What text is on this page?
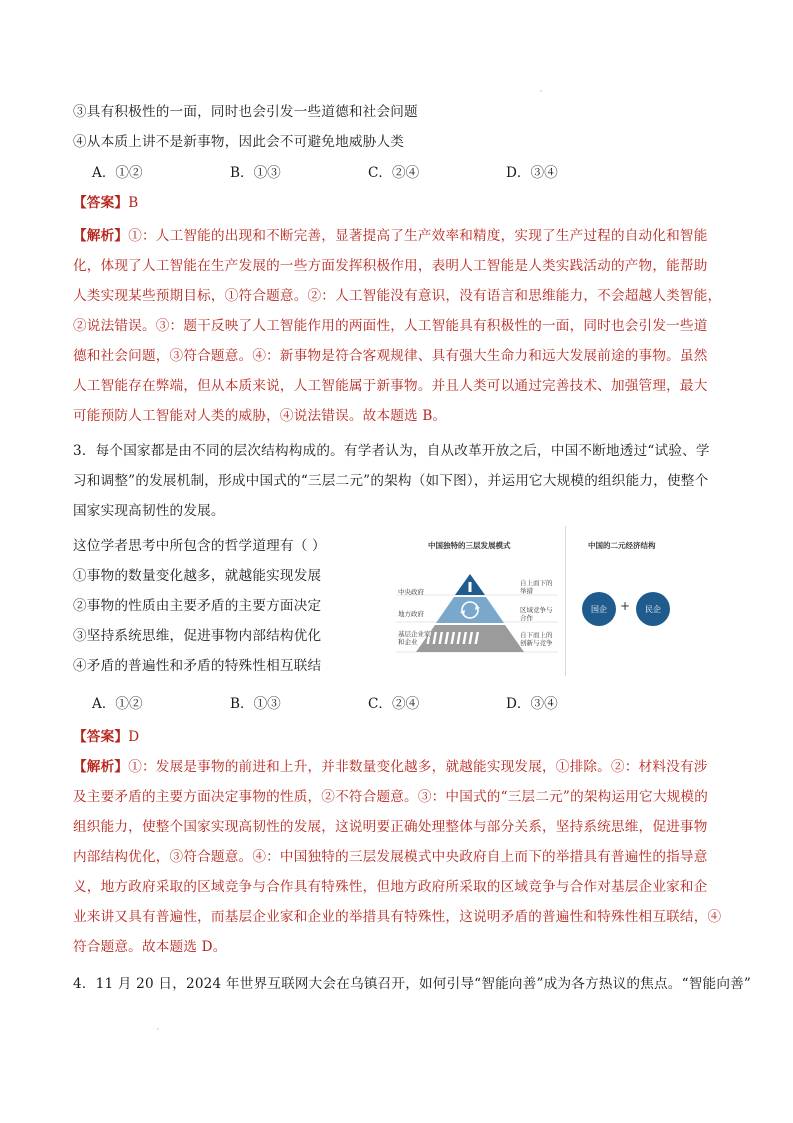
③具有积极性的一面，同时也会引发一些道德和社会问题
④从本质上讲不是新事物，因此会不可避免地威胁人类
A．①②	B．①③	C．②④	D．③④
【答案】B
【解析】①：人工智能的出现和不断完善，显著提高了生产效率和精度，实现了生产过程的自动化和智能
化，体现了人工智能在生产发展的一些方面发挥积极作用，表明人工智能是人类实践活动的产物，能帮助
人类实现某些预期目标，①符合题意。②：人工智能没有意识，没有语言和思维能力，不会超越人类智能，
②说法错误。③：题干反映了人工智能作用的两面性，人工智能具有积极性的一面，同时也会引发一些道
德和社会问题，③符合题意。④：新事物是符合客观规律、具有强大生命力和远大发展前途的事物。虽然
人工智能存在弊端，但从本质来说，人工智能属于新事物。并且人类可以通过完善技术、加强管理，最大
可能预防人工智能对人类的威胁，④说法错误。故本题选 B。
3．每个国家都是由不同的层次结构构成的。有学者认为，自从改革开放之后，中国不断地透过“试验、学
习和调整”的发展机制，形成中国式的“三层二元”的架构（如下图），并运用它大规模的组织能力，使整个
国家实现高韧性的发展。
这位学者思考中所包含的哲学道理有（ ）
①事物的数量变化越多，就越能实现发展
②事物的性质由主要矛盾的主要方面决定
③坚持系统思维，促进事物内部结构优化
④矛盾的普遍性和矛盾的特殊性相互联结
中国独特的三层发展模式	中国的二元经济结构
中央政府
地方政府
基层企业家
和企业
自上而下的
举措
区域竞争与
合作
自下而上的
创新与竞争
国企	+	民企
A．①②	B．①③	C．②④	D．③④
【答案】D
【解析】①：发展是事物的前进和上升，并非数量变化越多，就越能实现发展，①排除。②：材料没有涉
及主要矛盾的主要方面决定事物的性质，②不符合题意。③：中国式的“三层二元”的架构运用它大规模的
组织能力，使整个国家实现高韧性的发展，这说明要正确处理整体与部分关系，坚持系统思维，促进事物
内部结构优化，③符合题意。④：中国独特的三层发展模式中央政府自上而下的举措具有普遍性的指导意
义，地方政府采取的区域竞争与合作具有特殊性，但地方政府所采取的区域竞争与合作对基层企业家和企
业来讲又具有普遍性，而基层企业家和企业的举措具有特殊性，这说明矛盾的普遍性和特殊性相互联结，④
符合题意。故本题选 D。
4．11 月 20 日，2024 年世界互联网大会在乌镇召开，如何引导“智能向善”成为各方热议的焦点。“智能向善”
